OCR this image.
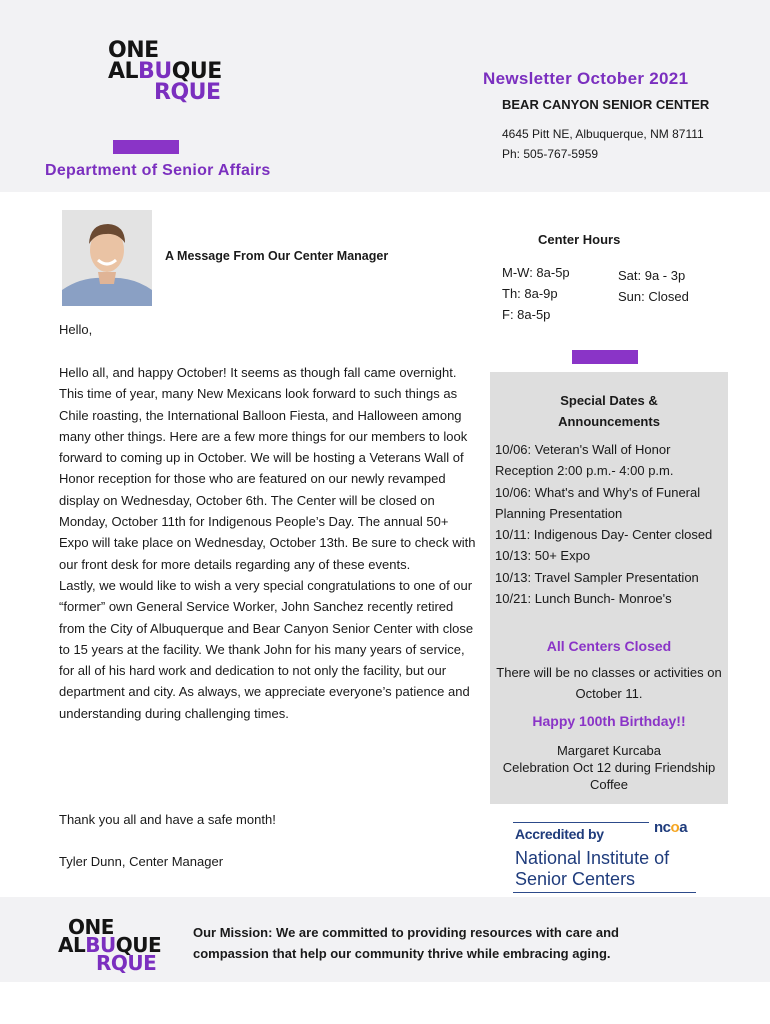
ONE
ALBUQUE
RQUE
Newsletter October 2021
BEAR CANYON SENIOR CENTER
4645 Pitt NE, Albuquerque, NM 87111
Ph: 505-767-5959
Department of Senior Affairs
A Message From Our Center Manager
Hello,

Hello all, and happy October! It seems as though fall came overnight. This time of year, many New Mexicans look forward to such things as Chile roasting, the International Balloon Fiesta, and Halloween among many other things. Here are a few more things for our members to look forward to coming up in October. We will be hosting a Veterans Wall of Honor reception for those who are featured on our newly revamped display on Wednesday, October 6th. The Center will be closed on Monday, October 11th for Indigenous People’s Day. The annual 50+ Expo will take place on Wednesday, October 13th. Be sure to check with our front desk for more details regarding any of these events.

Lastly, we would like to wish a very special congratulations to one of our “former” own General Service Worker, John Sanchez recently retired from the City of Albuquerque and Bear Canyon Senior Center with close to 15 years at the facility. We thank John for his many years of service, for all of his hard work and dedication to not only the facility, but our department and city. As always, we appreciate everyone’s patience and understanding during challenging times.

Thank you all and have a safe month!
Tyler Dunn, Center Manager
Center Hours
M-W: 8a-5p
Th: 8a-9p
F: 8a-5p
Sat: 9a - 3p
Sun: Closed
Special Dates &
Announcements
10/06: Veteran's Wall of Honor Reception 2:00 p.m.- 4:00 p.m.
10/06: What's and Why's of Funeral Planning Presentation
10/11: Indigenous Day- Center closed
10/13: 50+ Expo
10/13: Travel Sampler Presentation
10/21: Lunch Bunch- Monroe's
All Centers Closed
There will be no classes or activities on October 11.
Happy 100th Birthday!!
Margaret Kurcaba
Celebration Oct 12 during Friendship Coffee
Accredited by	ncoa
National Institute of
Senior Centers
ONE
ALBUQUE
RQUE
Our Mission: We are committed to providing resources with care and compassion that help our community thrive while embracing aging.
